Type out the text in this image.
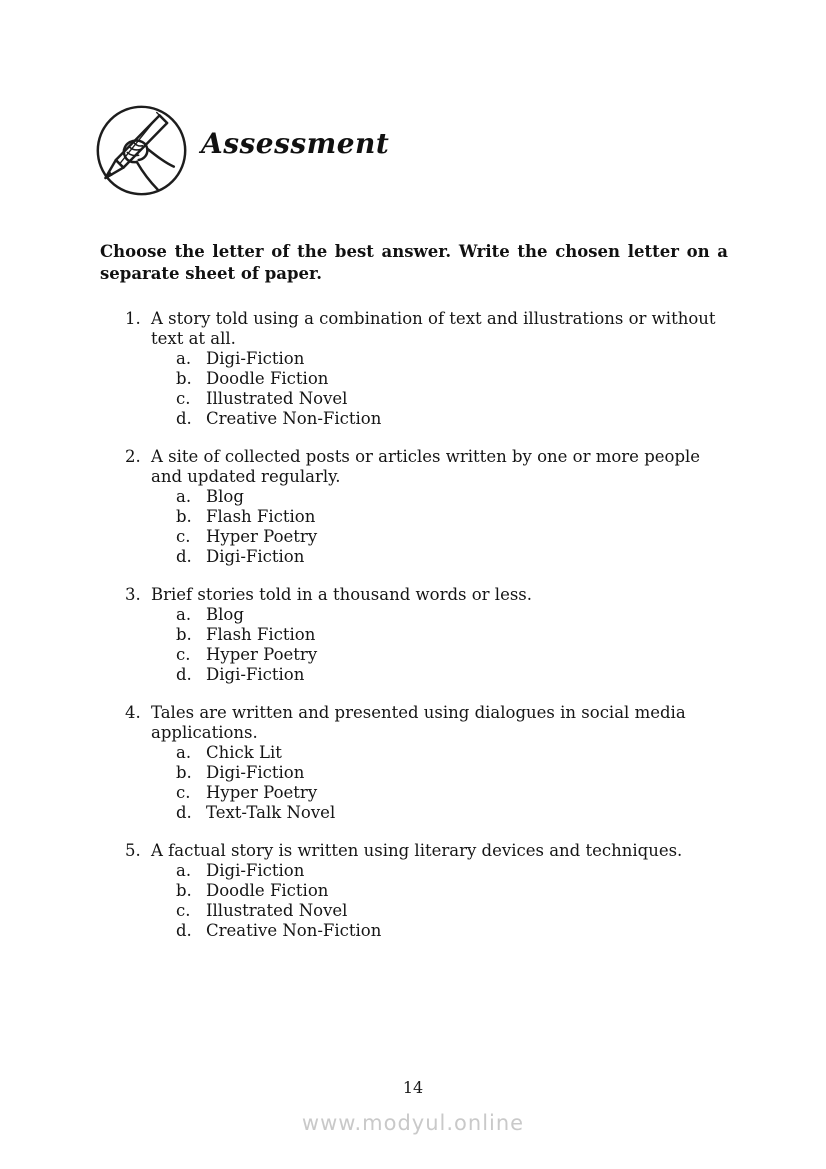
Assessment

Choose the letter of the best answer. Write the chosen letter on a separate sheet of paper.

1. A story told using a combination of text and illustrations or without text at all.
a. Digi-Fiction
b. Doodle Fiction
c. Illustrated Novel
d. Creative Non-Fiction
2. A site of collected posts or articles written by one or more people and updated regularly.
a. Blog
b. Flash Fiction
c. Hyper Poetry
d. Digi-Fiction
3. Brief stories told in a thousand words or less.
a. Blog
b. Flash Fiction
c. Hyper Poetry
d. Digi-Fiction
4. Tales are written and presented using dialogues in social media applications.
a. Chick Lit
b. Digi-Fiction
c. Hyper Poetry
d. Text-Talk Novel
5. A factual story is written using literary devices and techniques.
a. Digi-Fiction
b. Doodle Fiction
c. Illustrated Novel
d. Creative Non-Fiction
14
www.modyul.online
